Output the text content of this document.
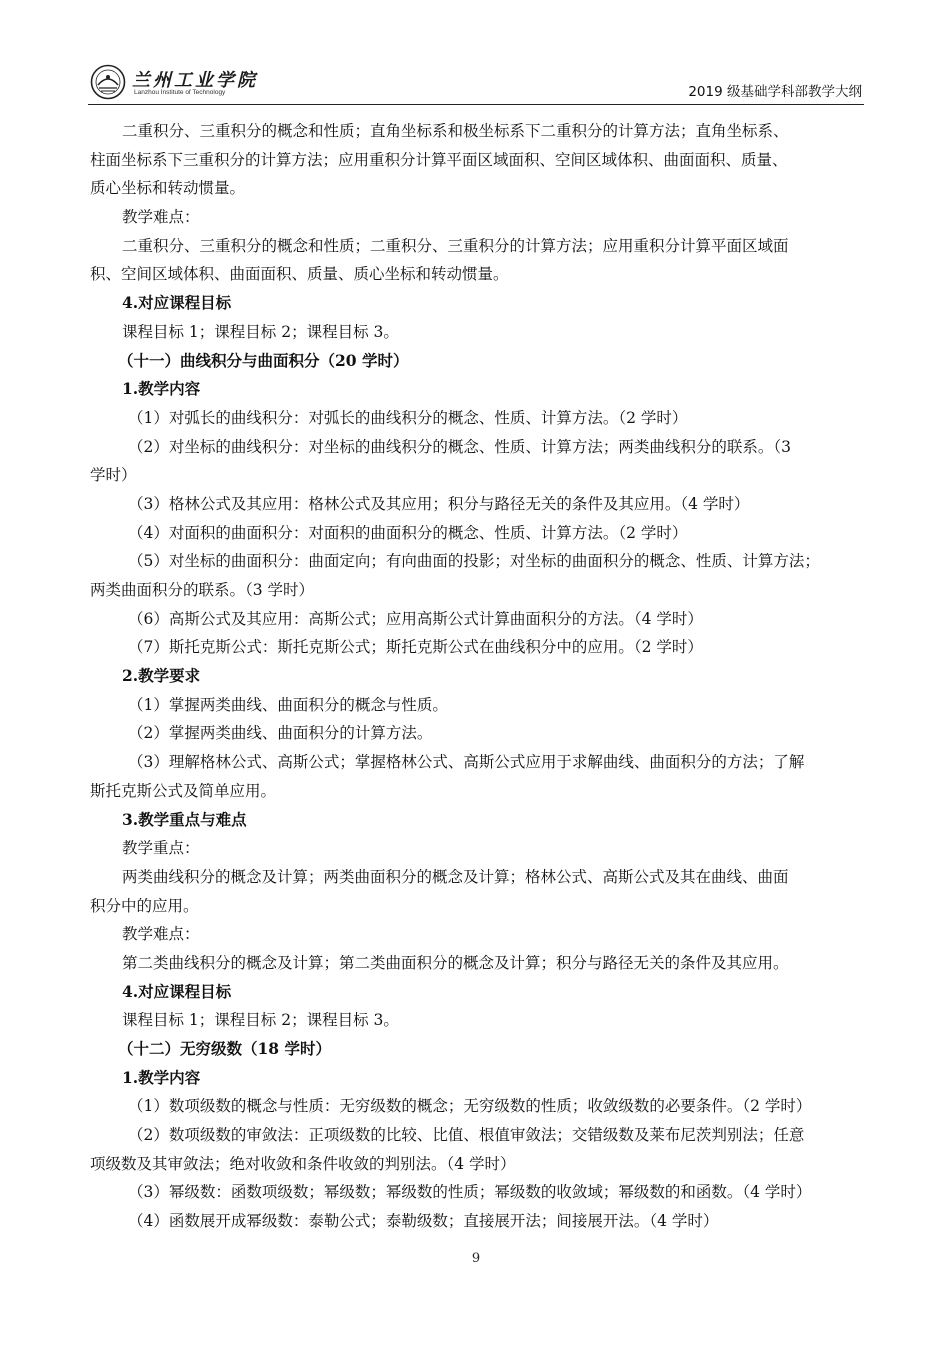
兰州工业学院
Lanzhou Institute of Technology	2019 级基础学科部教学大纲
二重积分、三重积分的概念和性质；直角坐标系和极坐标系下二重积分的计算方法；直角坐标系、
柱面坐标系下三重积分的计算方法；应用重积分计算平面区域面积、空间区域体积、曲面面积、质量、
质心坐标和转动惯量。
教学难点：
二重积分、三重积分的概念和性质；二重积分、三重积分的计算方法；应用重积分计算平面区域面
积、空间区域体积、曲面面积、质量、质心坐标和转动惯量。
4.对应课程目标
课程目标 1；课程目标 2；课程目标 3。
（十一）曲线积分与曲面积分（20 学时）
1.教学内容
（1）对弧长的曲线积分：对弧长的曲线积分的概念、性质、计算方法。（2 学时）
（2）对坐标的曲线积分：对坐标的曲线积分的概念、性质、计算方法；两类曲线积分的联系。（3
学时）
（3）格林公式及其应用：格林公式及其应用；积分与路径无关的条件及其应用。（4 学时）
（4）对面积的曲面积分：对面积的曲面积分的概念、性质、计算方法。（2 学时）
（5）对坐标的曲面积分：曲面定向；有向曲面的投影；对坐标的曲面积分的概念、性质、计算方法；
两类曲面积分的联系。（3 学时）
（6）高斯公式及其应用：高斯公式；应用高斯公式计算曲面积分的方法。（4 学时）
（7）斯托克斯公式：斯托克斯公式；斯托克斯公式在曲线积分中的应用。（2 学时）
2.教学要求
（1）掌握两类曲线、曲面积分的概念与性质。
（2）掌握两类曲线、曲面积分的计算方法。
（3）理解格林公式、高斯公式；掌握格林公式、高斯公式应用于求解曲线、曲面积分的方法；了解
斯托克斯公式及简单应用。
3.教学重点与难点
教学重点：
两类曲线积分的概念及计算；两类曲面积分的概念及计算；格林公式、高斯公式及其在曲线、曲面
积分中的应用。
教学难点：
第二类曲线积分的概念及计算；第二类曲面积分的概念及计算；积分与路径无关的条件及其应用。
4.对应课程目标
课程目标 1；课程目标 2；课程目标 3。
（十二）无穷级数（18 学时）
1.教学内容
（1）数项级数的概念与性质：无穷级数的概念；无穷级数的性质；收敛级数的必要条件。（2 学时）
（2）数项级数的审敛法：正项级数的比较、比值、根值审敛法；交错级数及莱布尼茨判别法；任意
项级数及其审敛法；绝对收敛和条件收敛的判别法。（4 学时）
（3）幂级数：函数项级数；幂级数；幂级数的性质；幂级数的收敛域；幂级数的和函数。（4 学时）
（4）函数展开成幂级数：泰勒公式；泰勒级数；直接展开法；间接展开法。（4 学时）
9
